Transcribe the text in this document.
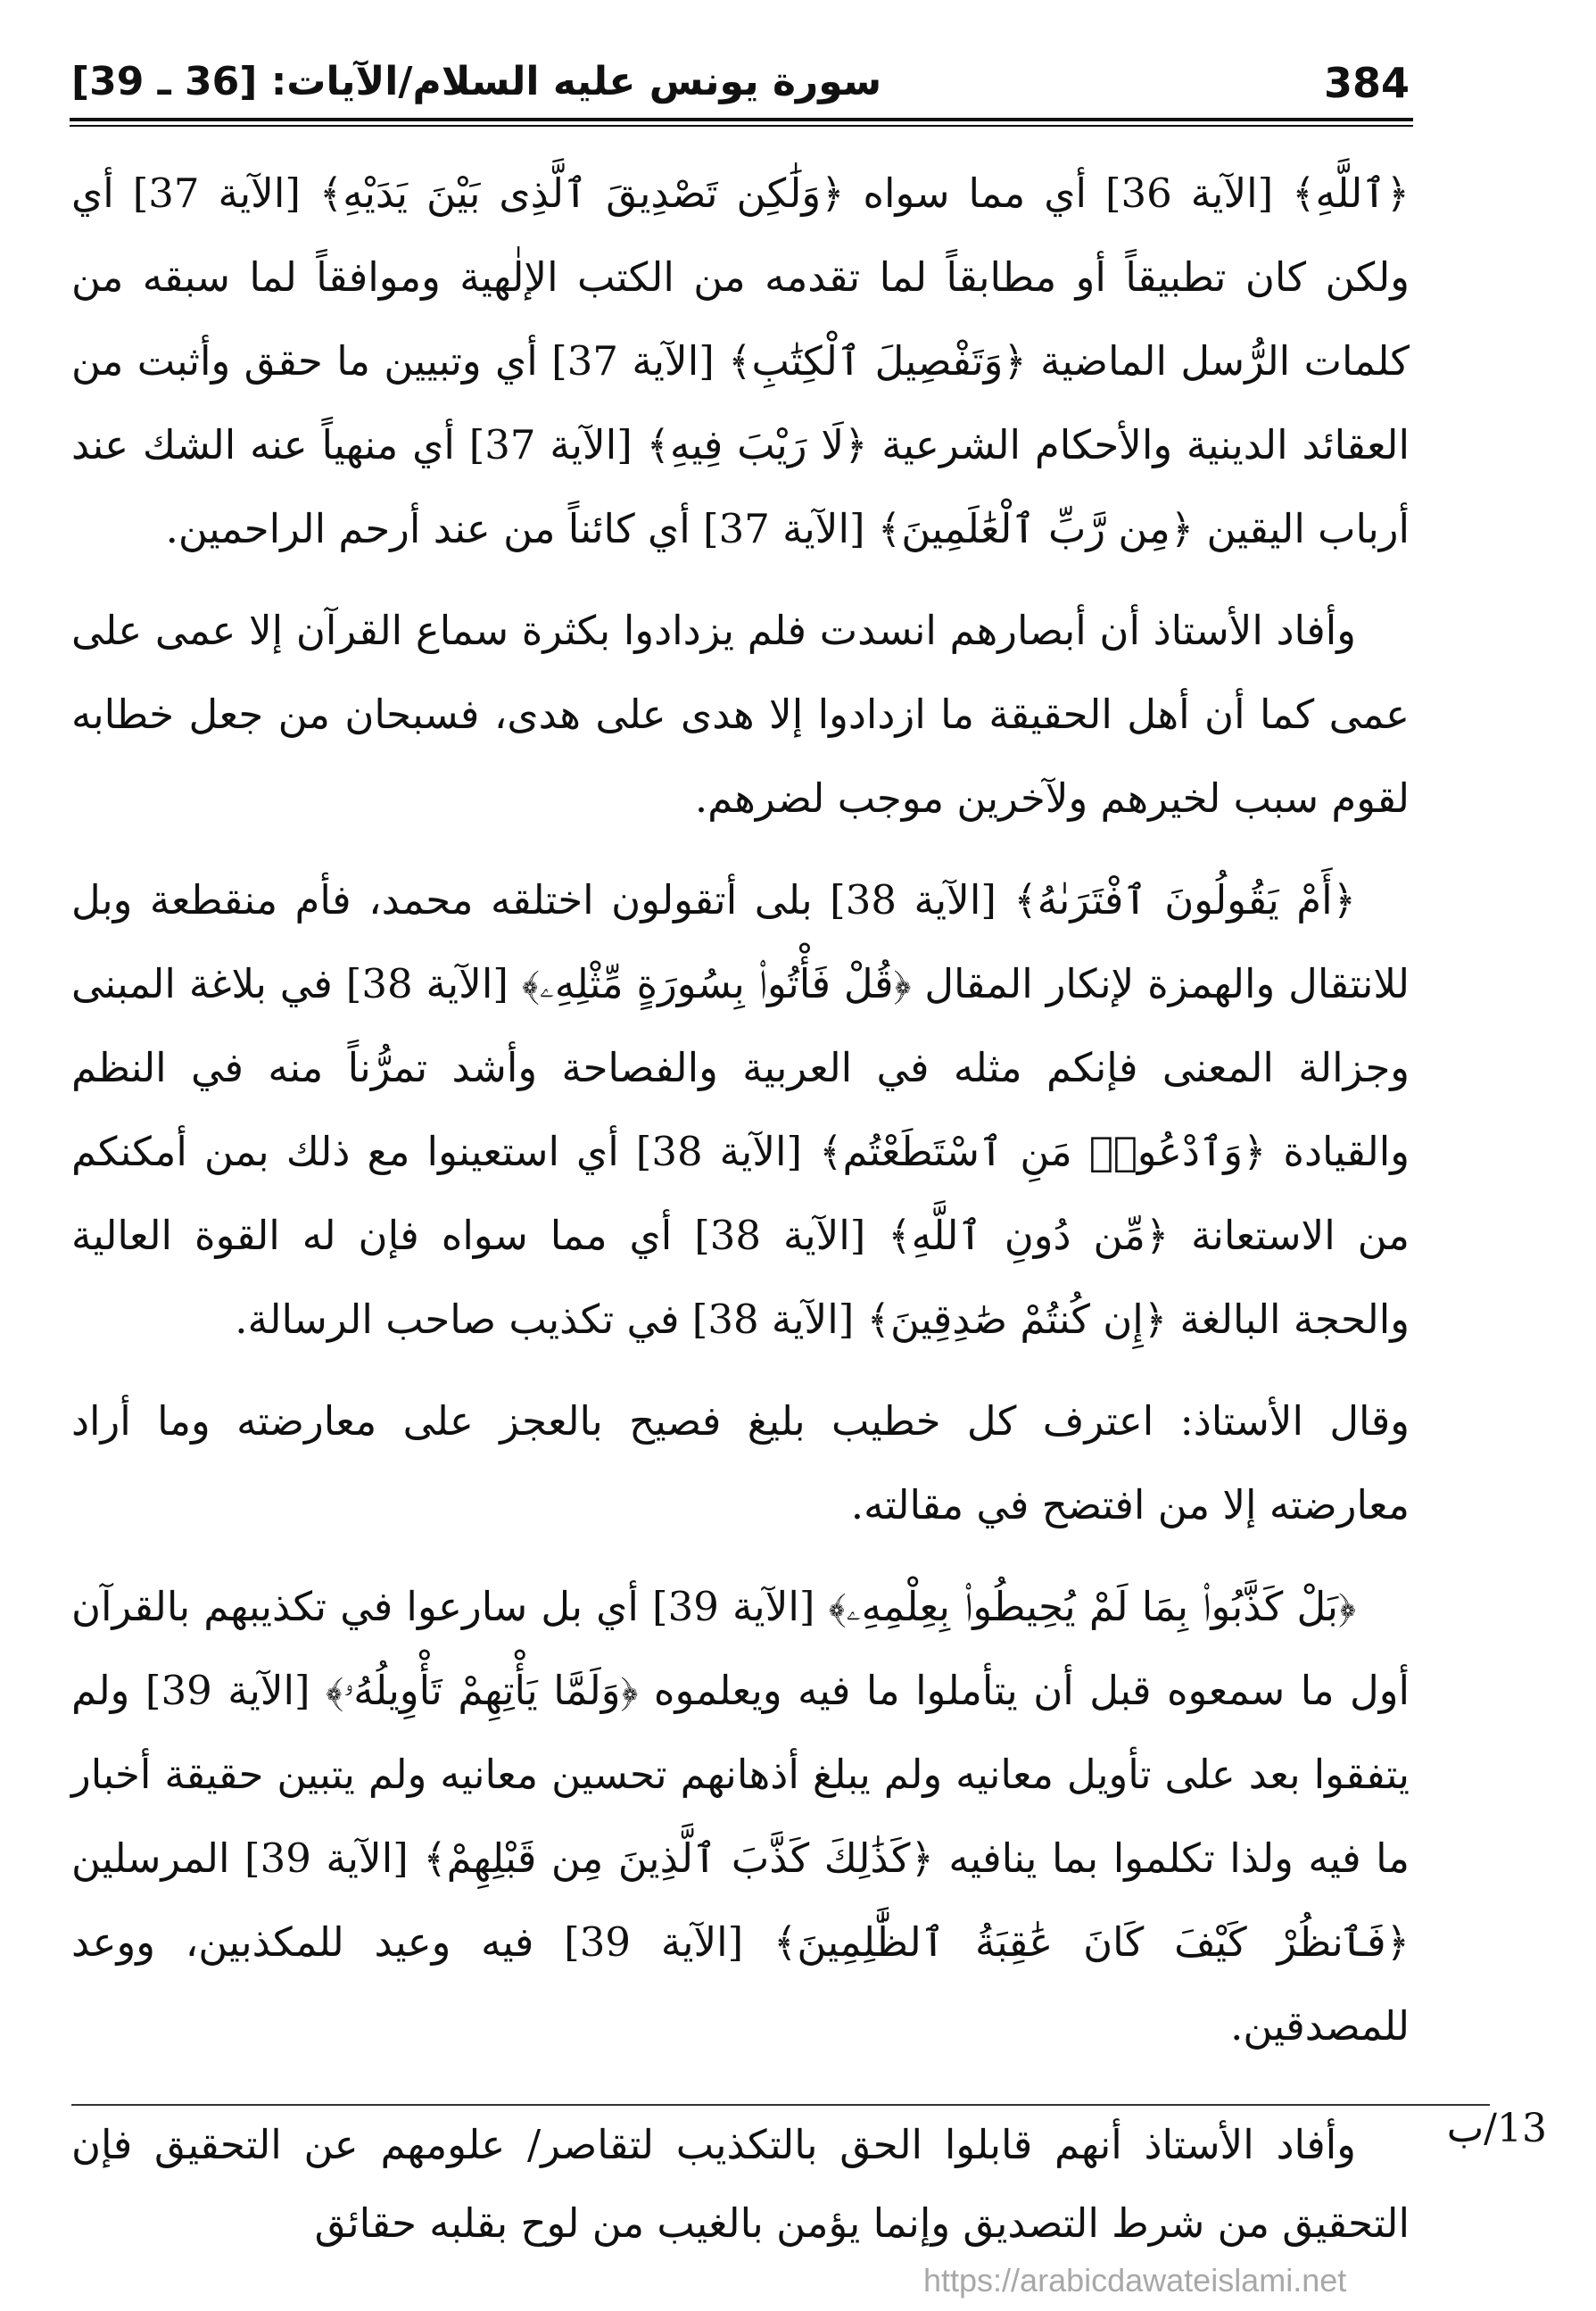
384
سورة يونس عليه السلام/الآيات: [36 ـ 39]

﴿ٱللَّهِ﴾ [الآية 36] أي مما سواه ﴿وَلَٰكِن تَصْدِيقَ ٱلَّذِى بَيْنَ يَدَيْهِ﴾ [الآية 37] أي ولكن كان تطبيقاً أو مطابقاً لما تقدمه من الكتب الإلٰهية وموافقاً لما سبقه من كلمات الرُّسل الماضية ﴿وَتَفْصِيلَ ٱلْكِتَٰبِ﴾ [الآية 37] أي وتبيين ما حقق وأثبت من العقائد الدينية والأحكام الشرعية ﴿لَا رَيْبَ فِيهِ﴾ [الآية 37] أي منهياً عنه الشك عند أرباب اليقين ﴿مِن رَّبِّ ٱلْعَٰلَمِينَ﴾ [الآية 37] أي كائناً من عند أرحم الراحمين.

وأفاد الأستاذ أن أبصارهم انسدت فلم يزدادوا بكثرة سماع القرآن إلا عمى على عمى كما أن أهل الحقيقة ما ازدادوا إلا هدى على هدى، فسبحان من جعل خطابه لقوم سبب لخيرهم ولآخرين موجب لضرهم.

﴿أَمْ يَقُولُونَ ٱفْتَرَىٰهُ﴾ [الآية 38] بلى أتقولون اختلقه محمد، فأم منقطعة وبل للانتقال والهمزة لإنكار المقال ﴿قُلْ فَأْتُوا۟ بِسُورَةٍ مِّثْلِهِۦ﴾ [الآية 38] في بلاغة المبنى وجزالة المعنى فإنكم مثله في العربية والفصاحة وأشد تمرُّناً منه في النظم والقيادة ﴿وَٱدْعُوا۟ مَنِ ٱسْتَطَعْتُم﴾ [الآية 38] أي استعينوا مع ذلك بمن أمكنكم من الاستعانة ﴿مِّن دُونِ ٱللَّهِ﴾ [الآية 38] أي مما سواه فإن له القوة العالية والحجة البالغة ﴿إِن كُنتُمْ صَٰدِقِينَ﴾ [الآية 38] في تكذيب صاحب الرسالة.

وقال الأستاذ: اعترف كل خطيب بليغ فصيح بالعجز على معارضته وما أراد معارضته إلا من افتضح في مقالته.

﴿بَلْ كَذَّبُوا۟ بِمَا لَمْ يُحِيطُوا۟ بِعِلْمِهِۦ﴾ [الآية 39] أي بل سارعوا في تكذيبهم بالقرآن أول ما سمعوه قبل أن يتأملوا ما فيه ويعلموه ﴿وَلَمَّا يَأْتِهِمْ تَأْوِيلُهُۥ﴾ [الآية 39] ولم يتفقوا بعد على تأويل معانيه ولم يبلغ أذهانهم تحسين معانيه ولم يتبين حقيقة أخبار ما فيه ولذا تكلموا بما ينافيه ﴿كَذَٰلِكَ كَذَّبَ ٱلَّذِينَ مِن قَبْلِهِمْ﴾ [الآية 39] المرسلين ﴿فَٱنظُرْ كَيْفَ كَانَ عَٰقِبَةُ ٱلظَّٰلِمِينَ﴾ [الآية 39] فيه وعيد للمكذبين، ووعد للمصدقين.

13/ب

وأفاد الأستاذ أنهم قابلوا الحق بالتكذيب لتقاصر/ علومهم عن التحقيق فإن التحقيق من شرط التصديق وإنما يؤمن بالغيب من لوح بقلبه حقائق

https://arabicdawateislami.net
